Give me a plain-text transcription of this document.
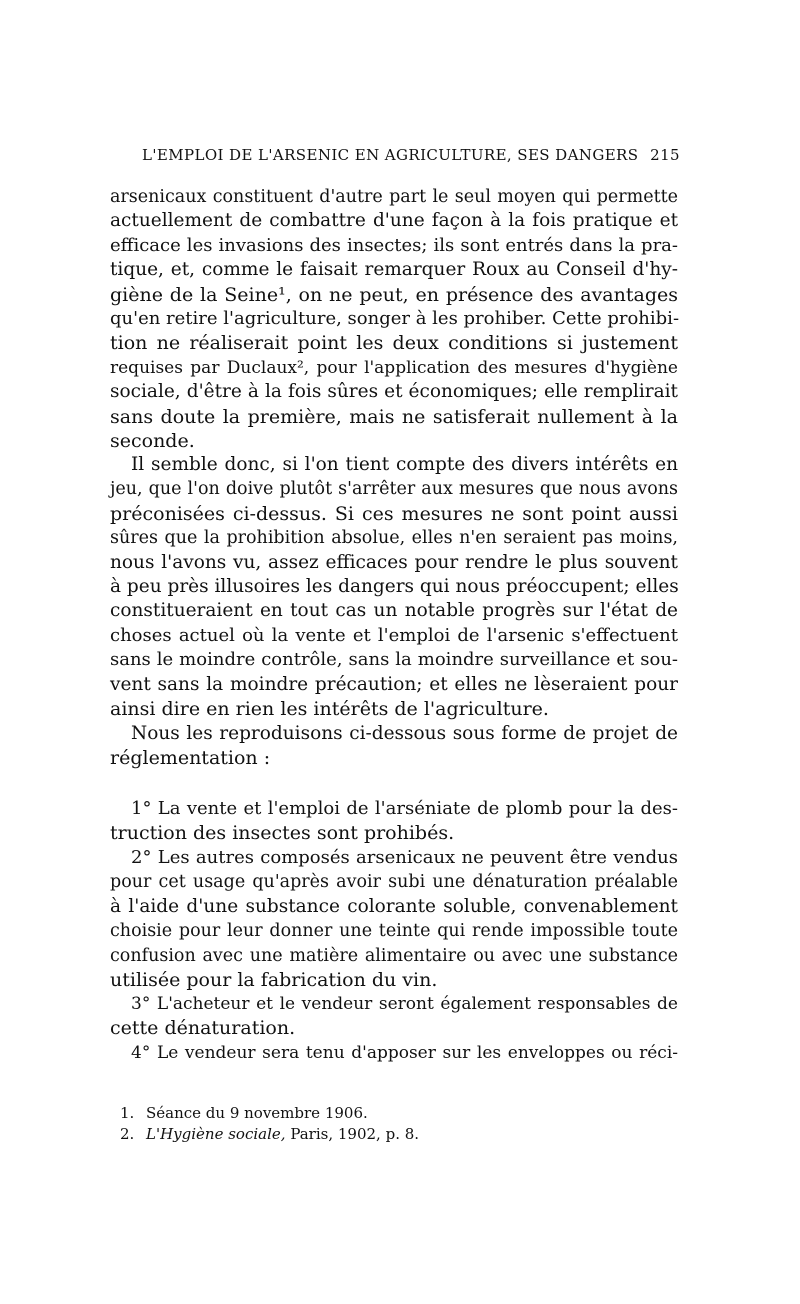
L'EMPLOI DE L'ARSENIC EN AGRICULTURE, SES DANGERS 215
arsenicaux constituent d'autre part le seul moyen qui permette
actuellement de combattre d'une façon à la fois pratique et
efficace les invasions des insectes; ils sont entrés dans la pra-
tique, et, comme le faisait remarquer Roux au Conseil d'hy-
giène de la Seine¹, on ne peut, en présence des avantages
qu'en retire l'agriculture, songer à les prohiber. Cette prohibi-
tion ne réaliserait point les deux conditions si justement
requises par Duclaux², pour l'application des mesures d'hygiène
sociale, d'être à la fois sûres et économiques; elle remplirait
sans doute la première, mais ne satisferait nullement à la
seconde.
Il semble donc, si l'on tient compte des divers intérêts en
jeu, que l'on doive plutôt s'arrêter aux mesures que nous avons
préconisées ci-dessus. Si ces mesures ne sont point aussi
sûres que la prohibition absolue, elles n'en seraient pas moins,
nous l'avons vu, assez efficaces pour rendre le plus souvent
à peu près illusoires les dangers qui nous préoccupent; elles
constitueraient en tout cas un notable progrès sur l'état de
choses actuel où la vente et l'emploi de l'arsenic s'effectuent
sans le moindre contrôle, sans la moindre surveillance et sou-
vent sans la moindre précaution; et elles ne lèseraient pour
ainsi dire en rien les intérêts de l'agriculture.
Nous les reproduisons ci-dessous sous forme de projet de
réglementation :
1° La vente et l'emploi de l'arséniate de plomb pour la des-
truction des insectes sont prohibés.
2° Les autres composés arsenicaux ne peuvent être vendus
pour cet usage qu'après avoir subi une dénaturation préalable
à l'aide d'une substance colorante soluble, convenablement
choisie pour leur donner une teinte qui rende impossible toute
confusion avec une matière alimentaire ou avec une substance
utilisée pour la fabrication du vin.
3° L'acheteur et le vendeur seront également responsables de
cette dénaturation.
4° Le vendeur sera tenu d'apposer sur les enveloppes ou réci-
1. Séance du 9 novembre 1906.
2. L'Hygiène sociale, Paris, 1902, p. 8.
